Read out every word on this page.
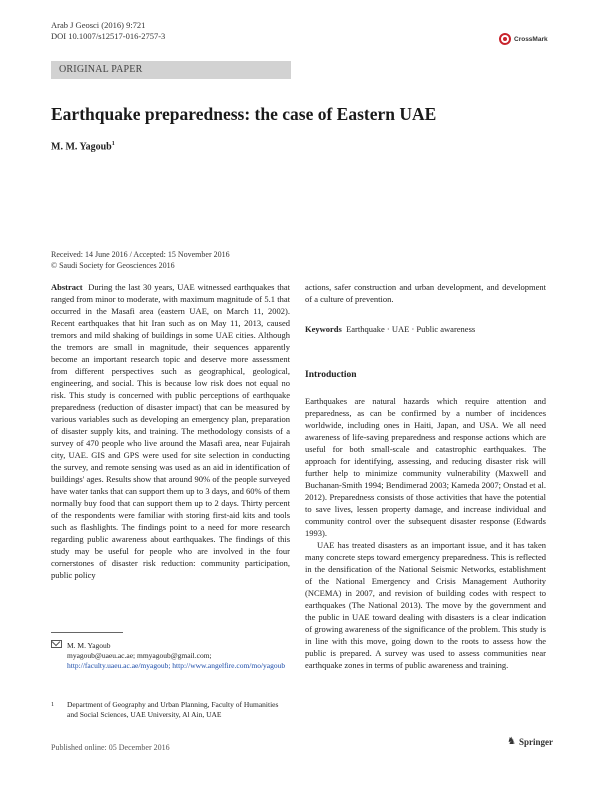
Arab J Geosci (2016) 9:721
DOI 10.1007/s12517-016-2757-3	CrossMark
ORIGINAL PAPER
Earthquake preparedness: the case of Eastern UAE
M. M. Yagoub$^1$
Received: 14 June 2016 / Accepted: 15 November 2016
© Saudi Society for Geosciences 2016

Abstract During the last 30 years, UAE witnessed earthquakes that ranged from minor to moderate, with maximum magnitude of 5.1 that occurred in the Masafi area (eastern UAE, on March 11, 2002). Recent earthquakes that hit Iran such as on May 11, 2013, caused tremors and mild shaking of buildings in some UAE cities. Although the tremors are small in magnitude, their sequences apparently become an important research topic and deserve more assessment from different perspectives such as geographical, geological, engineering, and social. This is because low risk does not equal no risk. This study is concerned with public perceptions of earthquake preparedness (reduction of disaster impact) that can be measured by various variables such as developing an emergency plan, preparation of disaster supply kits, and training. The methodology consists of a survey of 470 people who live around the Masafi area, near Fujairah city, UAE. GIS and GPS were used for site selection in conducting the survey, and remote sensing was used as an aid in identification of buildings' ages. Results show that around 90% of the people surveyed have water tanks that can support them up to 3 days, and 60% of them normally buy food that can support them up to 2 days. Thirty percent of the respondents were familiar with storing first-aid kits and tools such as flashlights. The findings point to a need for more research regarding public awareness about earthquakes. The findings of this study may be useful for people who are involved in the four cornerstones of disaster risk reduction: community participation, public policy

actions, safer construction and urban development, and development of a culture of prevention.
Keywords Earthquake · UAE · Public awareness
Introduction

Earthquakes are natural hazards which require attention and preparedness, as can be confirmed by a number of incidences worldwide, including ones in Haiti, Japan, and USA. We all need awareness of life-saving preparedness and response actions which are useful for both small-scale and catastrophic earthquakes. The approach for identifying, assessing, and reducing disaster risk will further help to minimize community vulnerability (Maxwell and Buchanan-Smith 1994; Bendimerad 2003; Kameda 2007; Onstad et al. 2012). Preparedness consists of those activities that have the potential to save lives, lessen property damage, and increase individual and community control over the subsequent disaster response (Edwards 1993).

UAE has treated disasters as an important issue, and it has taken many concrete steps toward emergency preparedness. This is reflected in the densification of the National Seismic Networks, establishment of the National Emergency and Crisis Management Authority (NCEMA) in 2007, and revision of building codes with respect to earthquakes (The National 2013). The move by the government and the public in UAE toward dealing with disasters is a clear indication of growing awareness of the significance of the problem. This study is in line with this move, going down to the roots to assess how the public is prepared. A survey was used to assess communities near earthquake zones in terms of public awareness and training.

M. M. Yagoub
myagoub@uaeu.ac.ae; mmyagoub@gmail.com;
http://faculty.uaeu.ac.ae/myagoub; http://www.angelfire.com/mo/yagoub
$^1$	Department of Geography and Urban Planning, Faculty of Humanities and Social Sciences, UAE University, Al Ain, UAE
Published online: 05 December 2016
♞ Springer
